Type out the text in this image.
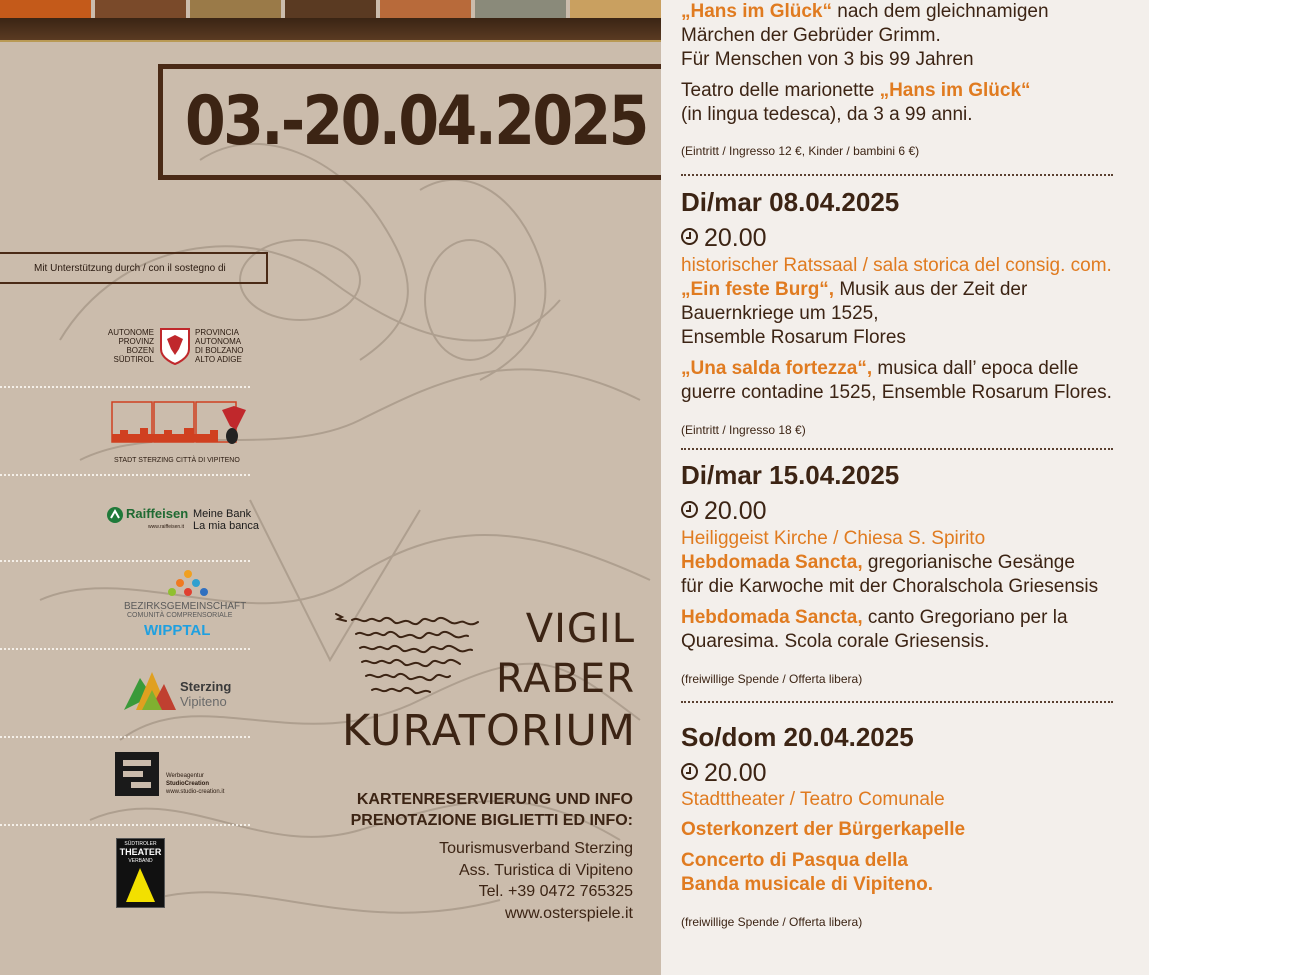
03.-20.04.2025
Mit Unterstützung durch / con il sostegno di
AUTONOME
PROVINZ
BOZEN
SÜDTIROL
PROVINCIA
AUTONOMA
DI BOLZANO
ALTO ADIGE
STADT STERZING CITTÀ DI VIPITENO
Raiffeisen Meine Bank
La mia banca
www.raiffeisen.it
BEZIRKSGEMEINSCHAFT
COMUNITÀ COMPRENSORIALE
WIPPTAL
Sterzing
Vipiteno
Werbeagentur
StudioCreation
www.studio-creation.it
SÜDTIROLER
THEATER
VERBAND
VIGIL
RABER
KURATORIUM
KARTENRESERVIERUNG UND INFO
PRENOTAZIONE BIGLIETTI ED INFO:
Tourismusverband Sterzing
Ass. Turistica di Vipiteno
Tel. +39 0472 765325
www.osterspiele.it
„Hans im Glück“ nach dem gleichnamigen
Märchen der Gebrüder Grimm.
Für Menschen von 3 bis 99 Jahren
Teatro delle marionette „Hans im Glück“
(in lingua tedesca), da 3 a 99 anni.
(Eintritt / Ingresso 12 €, Kinder / bambini 6 €)
Di/mar 08.04.2025
20.00
historischer Ratssaal / sala storica del consig. com.
„Ein feste Burg“, Musik aus der Zeit der
Bauernkriege um 1525,
Ensemble Rosarum Flores
„Una salda fortezza“, musica dall’ epoca delle
guerre contadine 1525, Ensemble Rosarum Flores.
(Eintritt / Ingresso 18 €)
Di/mar 15.04.2025
20.00
Heiliggeist Kirche / Chiesa S. Spirito
Hebdomada Sancta, gregorianische Gesänge
für die Karwoche mit der Choralschola Griesensis
Hebdomada Sancta, canto Gregoriano per la
Quaresima. Scola corale Griesensis.
(freiwillige Spende / Offerta libera)
So/dom 20.04.2025
20.00
Stadttheater / Teatro Comunale
Osterkonzert der Bürgerkapelle
Concerto di Pasqua della
Banda musicale di Vipiteno.
(freiwillige Spende / Offerta libera)
